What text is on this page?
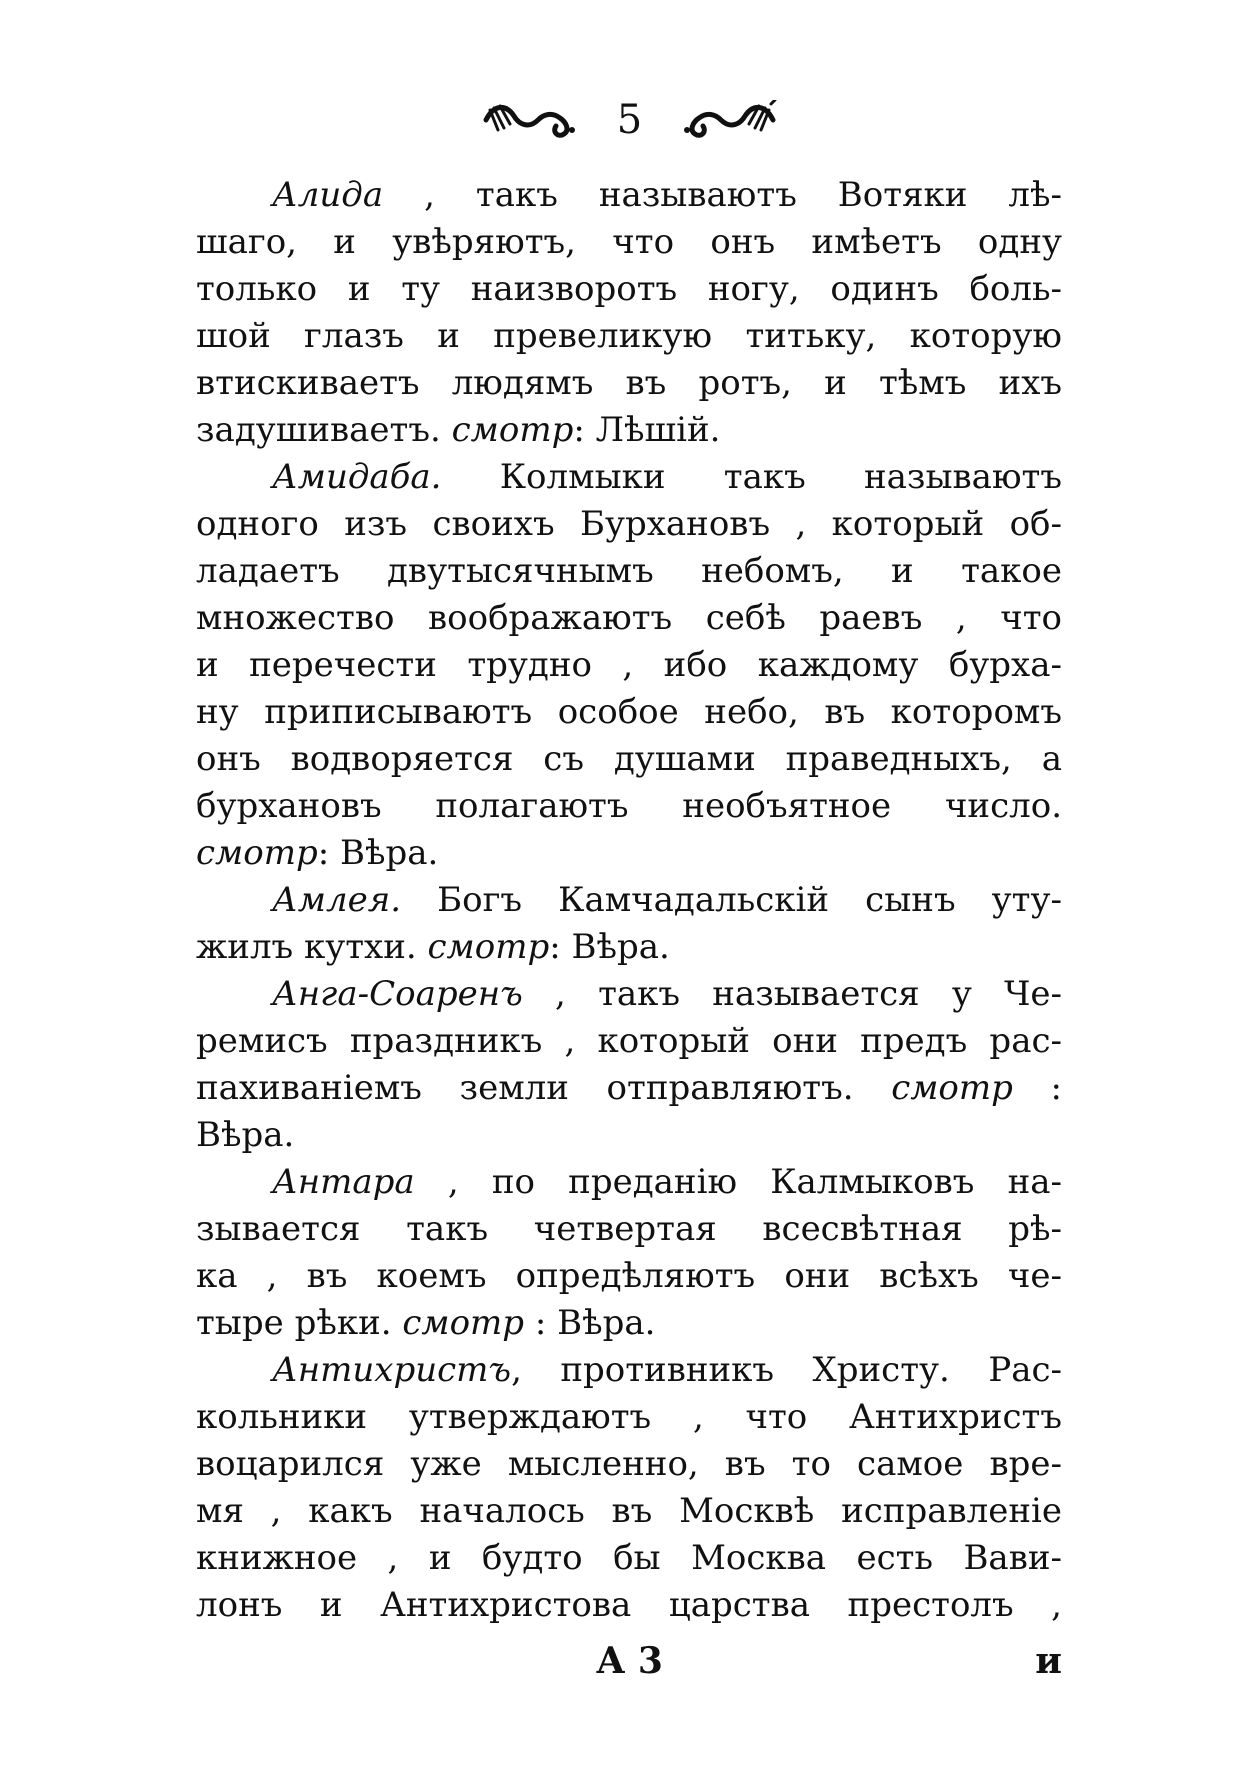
5
Алида , такъ называютъ Вотяки лѣ-
шаго, и увѣряютъ, что онъ имѣетъ одну
только и ту наизворотъ ногу, одинъ боль-
шой глазъ и превеликую титьку, которую
втискиваетъ людямъ въ ротъ, и тѣмъ ихъ
задушиваетъ. смотр: Лѣшiй.
Амидаба. Колмыки такъ называютъ
одного изъ своихъ Бурхановъ , который об-
ладаетъ двутысячнымъ небомъ, и такое
множество воображаютъ себѣ раевъ , что
и перечести трудно , ибо каждому бурха-
ну приписываютъ особое небо, въ которомъ
онъ водворяется съ душами праведныхъ, а
бурхановъ полагаютъ необъятное число.
смотр: Вѣра.
Амлея. Богъ Камчадальскiй сынъ уту-
жилъ кутхи. смотр: Вѣра.
Анга-Соаренъ , такъ называется у Че-
ремисъ праздникъ , который они предъ рас-
пахиванiемъ земли отправляютъ. смотр :
Вѣра.
Антара , по преданiю Калмыковъ на-
зывается такъ четвертая всесвѣтная рѣ-
ка , въ коемъ опредѣляютъ они всѣхъ че-
тыре рѣки. смотр : Вѣра.
Антихристъ, противникъ Христу. Рас-
кольники утверждаютъ , что Антихристъ
воцарился уже мысленно, въ то самое вре-
мя , какъ началось въ Москвѣ исправленiе
книжное , и будто бы Москва есть Вави-
лонъ и Антихристова царства престолъ ,
А 3	и
